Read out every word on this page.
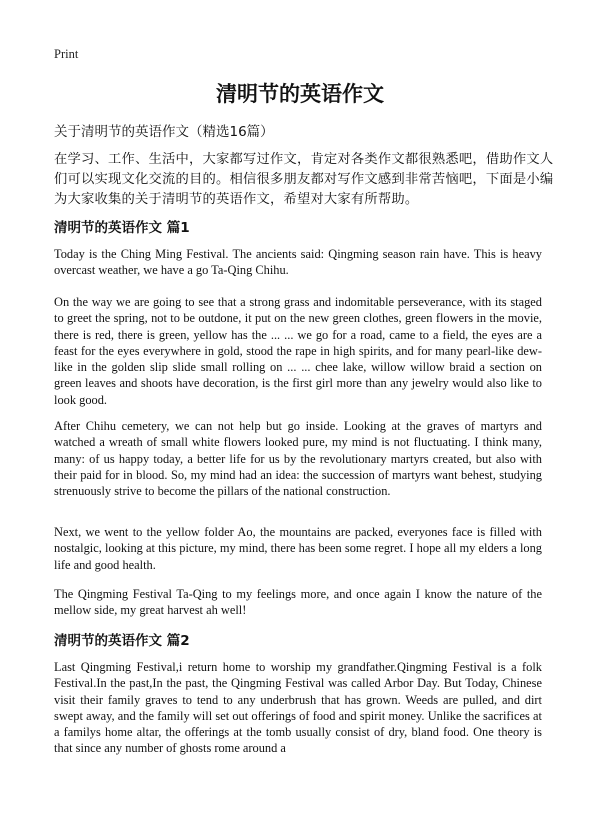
Print
清明节的英语作文
关于清明节的英语作文（精选16篇）
在学习、工作、生活中，大家都写过作文，肯定对各类作文都很熟悉吧，借助作文人们可以实现文化交流的目的。相信很多朋友都对写作文感到非常苦恼吧，下面是小编为大家收集的关于清明节的英语作文，希望对大家有所帮助。
清明节的英语作文 篇1
Today is the Ching Ming Festival. The ancients said: Qingming season rain have. This is heavy overcast weather, we have a go Ta-Qing Chihu.
On the way we are going to see that a strong grass and indomitable perseverance, with its staged to greet the spring, not to be outdone, it put on the new green clothes, green flowers in the movie, there is red, there is green, yellow has the ... ... we go for a road, came to a field, the eyes are a feast for the eyes everywhere in gold, stood the rape in high spirits, and for many pearl-like dew-like in the golden slip slide small rolling on ... ... chee lake, willow willow braid a section on green leaves and shoots have decoration, is the first girl more than any jewelry would also like to look good.
After Chihu cemetery, we can not help but go inside. Looking at the graves of martyrs and watched a wreath of small white flowers looked pure, my mind is not fluctuating. I think many, many: of us happy today, a better life for us by the revolutionary martyrs created, but also with their paid for in blood. So, my mind had an idea: the succession of martyrs want behest, studying strenuously strive to become the pillars of the national construction.
Next, we went to the yellow folder Ao, the mountains are packed, everyones face is filled with nostalgic, looking at this picture, my mind, there has been some regret. I hope all my elders a long life and good health.
The Qingming Festival Ta-Qing to my feelings more, and once again I know the nature of the mellow side, my great harvest ah well!
清明节的英语作文 篇2
Last Qingming Festival,i return home to worship my grandfather.Qingming Festival is a folk Festival.In the past,In the past, the Qingming Festival was called Arbor Day. But Today, Chinese visit their family graves to tend to any underbrush that has grown. Weeds are pulled, and dirt swept away, and the family will set out offerings of food and spirit money. Unlike the sacrifices at a familys home altar, the offerings at the tomb usually consist of dry, bland food. One theory is that since any number of ghosts rome around a
